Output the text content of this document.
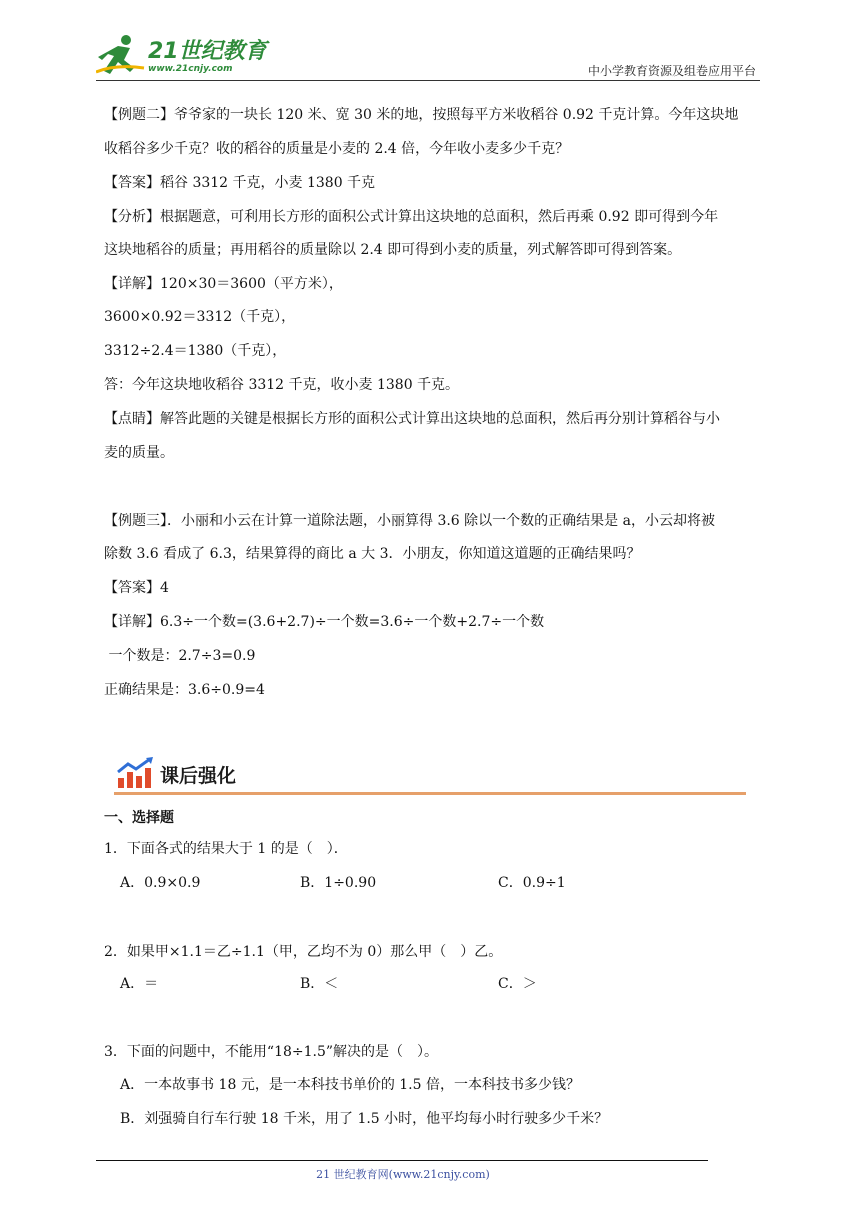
21世纪教育
www.21cnjy.com	中小学教育资源及组卷应用平台
【例题二】爷爷家的一块长 120 米、宽 30 米的地，按照每平方米收稻谷 0.92 千克计算。今年这块地
收稻谷多少千克？收的稻谷的质量是小麦的 2.4 倍，今年收小麦多少千克？
【答案】稻谷 3312 千克，小麦 1380 千克
【分析】根据题意，可利用长方形的面积公式计算出这块地的总面积，然后再乘 0.92 即可得到今年
这块地稻谷的质量；再用稻谷的质量除以 2.4 即可得到小麦的质量，列式解答即可得到答案。
【详解】120×30＝3600（平方米），
3600×0.92＝3312（千克），
3312÷2.4＝1380（千克），
答：今年这块地收稻谷 3312 千克，收小麦 1380 千克。
【点睛】解答此题的关键是根据长方形的面积公式计算出这块地的总面积，然后再分别计算稻谷与小
麦的质量。
【例题三】．小丽和小云在计算一道除法题，小丽算得 3.6 除以一个数的正确结果是 a，小云却将被
除数 3.6 看成了 6.3，结果算得的商比 a 大 3．小朋友，你知道这道题的正确结果吗？
【答案】4
【详解】6.3÷一个数=(3.6+2.7)÷一个数=3.6÷一个数+2.7÷一个数
一个数是：2.7÷3=0.9
正确结果是：3.6÷0.9=4
课后强化
一、选择题
1．下面各式的结果大于 1 的是（　）．
A．0.9×0.9	B．1÷0.90	C．0.9÷1
2．如果甲×1.1＝乙÷1.1（甲，乙均不为 0）那么甲（　）乙。
A．＝	B．＜	C．＞
3．下面的问题中，不能用“18÷1.5”解决的是（　）。
A．一本故事书 18 元，是一本科技书单价的 1.5 倍，一本科技书多少钱？
B．刘强骑自行车行驶 18 千米，用了 1.5 小时，他平均每小时行驶多少千米？
21 世纪教育网(www.21cnjy.com)
